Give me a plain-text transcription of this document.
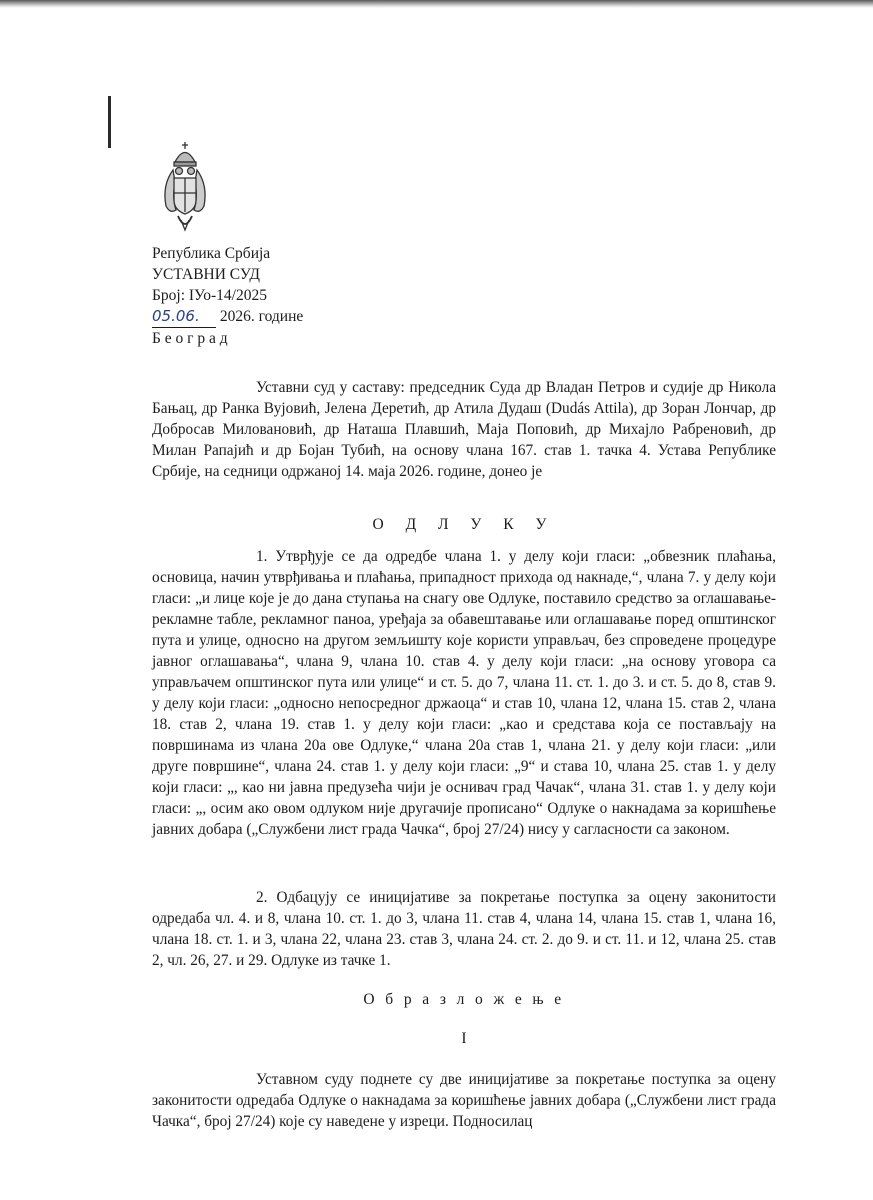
Република Србија
УСТАВНИ СУД
Број: IУо-14/2025
05.06. 2026. године
Б е о г р а д

Уставни суд у саставу: председник Суда др Владан Петров и судије др Никола Бањац, др Ранка Вујовић, Јелена Деретић, др Атила Дудаш (Dudás Attila), др Зоран Лончар, др Добросав Миловановић, др Наташа Плавшић, Маја Поповић, др Михајло Рабреновић, др Милан Рапајић и др Бојан Тубић, на основу члана 167. став 1. тачка 4. Устава Републике Србије, на седници одржаној 14. маја 2026. године, донео је

О Д Л У К У

1. Утврђује се да одредбе члана 1. у делу који гласи: „обвезник плаћања, основица, начин утврђивања и плаћања, припадност прихода од накнаде,“, члана 7. у делу који гласи: „и лице које је до дана ступања на снагу ове Одлуке, поставило средство за оглашавање-рекламне табле, рекламног паноа, уређаја за обавештавање или оглашавање поред општинског пута и улице, односно на другом земљишту које користи управљач, без спроведене процедуре јавног оглашавања“, члана 9, члана 10. став 4. у делу који гласи: „на основу уговора са управљачем општинског пута или улице“ и ст. 5. до 7, члана 11. ст. 1. до 3. и ст. 5. до 8, став 9. у делу који гласи: „односно непосредног држаоца“ и став 10, члана 12, члана 15. став 2, члана 18. став 2, члана 19. став 1. у делу који гласи: „као и средстава која се постављају на површинама из члана 20а ове Одлуке,“ члана 20а став 1, члана 21. у делу који гласи: „или друге површине“, члана 24. став 1. у делу који гласи: „9“ и става 10, члана 25. став 1. у делу који гласи: „, као ни јавна предузећа чији је оснивач град Чачак“, члана 31. став 1. у делу који гласи: „, осим ако овом одлуком није другачије прописано“ Одлуке о накнадама за коришћење јавних добара („Службени лист града Чачка“, број 27/24) нису у сагласности са законом.

2. Одбацују се иницијативе за покретање поступка за оцену законитости одредаба чл. 4. и 8, члана 10. ст. 1. до 3, члана 11. став 4, члана 14, члана 15. став 1, члана 16, члана 18. ст. 1. и 3, члана 22, члана 23. став 3, члана 24. ст. 2. до 9. и ст. 11. и 12, члана 25. став 2, чл. 26, 27. и 29. Одлуке из тачке 1.

О б р а з л о ж е њ е
I

Уставном суду поднете су две иницијативе за покретање поступка за оцену законитости одредаба Одлуке о накнадама за коришћење јавних добара („Службени лист града Чачка“, број 27/24) које су наведене у изреци. Подносилац
